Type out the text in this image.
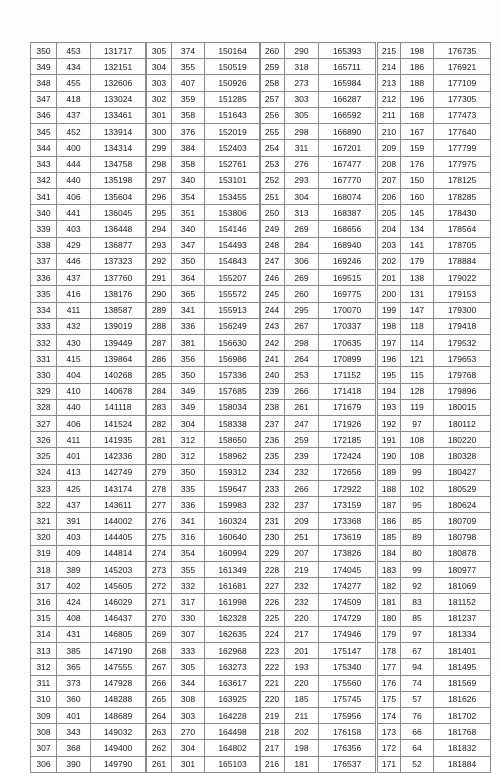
350	453	131717
349	434	132151
348	455	132606
347	418	133024
346	437	133461
345	452	133914
344	400	134314
343	444	134758
342	440	135198
341	406	135604
340	441	136045
339	403	136448
338	429	136877
337	446	137323
336	437	137760
335	416	138176
334	411	138587
333	432	139019
332	430	139449
331	415	139864
330	404	140268
329	410	140678
328	440	141118
327	406	141524
326	411	141935
325	401	142336
324	413	142749
323	425	143174
322	437	143611
321	391	144002
320	403	144405
319	409	144814
318	389	145203
317	402	145605
316	424	146029
315	408	146437
314	431	146805
313	385	147190
312	365	147555
311	373	147928
310	360	148288
309	401	148689
308	343	149032
307	368	149400
306	390	149790
305	374	150164
304	355	150519
303	407	150926
302	359	151285
301	358	151643
300	376	152019
299	384	152403
298	358	152761
297	340	153101
296	354	153455
295	351	153806
294	340	154146
293	347	154493
292	350	154843
291	364	155207
290	365	155572
289	341	155913
288	336	156249
287	381	156630
286	356	156986
285	350	157336
284	349	157685
283	349	158034
282	304	158338
281	312	158650
280	312	158962
279	350	159312
278	335	159647
277	336	159983
276	341	160324
275	316	160640
274	354	160994
273	355	161349
272	332	161681
271	317	161998
270	330	162328
269	307	162635
268	333	162968
267	305	163273
266	344	163617
265	308	163925
264	303	164228
263	270	164498
262	304	164802
261	301	165103
260	290	165393
259	318	165711
258	273	165984
257	303	166287
256	305	166592
255	298	166890
254	311	167201
253	276	167477
252	293	167770
251	304	168074
250	313	168387
249	269	168656
248	284	168940
247	306	169246
246	269	169515
245	260	169775
244	295	170070
243	267	170337
242	298	170635
241	264	170899
240	253	171152
239	266	171418
238	261	171679
237	247	171926
236	259	172185
235	239	172424
234	232	172656
233	266	172922
232	237	173159
231	209	173368
230	251	173619
229	207	173826
228	219	174045
227	232	174277
226	232	174509
225	220	174729
224	217	174946
223	201	175147
222	193	175340
221	220	175560
220	185	175745
219	211	175956
218	202	176158
217	198	176356
216	181	176537
215	198	176735
214	186	176921
213	188	177109
212	196	177305
211	168	177473
210	167	177640
209	159	177799
208	176	177975
207	150	178125
206	160	178285
205	145	178430
204	134	178564
203	141	178705
202	179	178884
201	138	179022
200	131	179153
199	147	179300
198	118	179418
197	114	179532
196	121	179653
195	115	179768
194	128	179896
193	119	180015
192	97	180112
191	108	180220
190	108	180328
189	99	180427
188	102	180529
187	95	180624
186	85	180709
185	89	180798
184	80	180878
183	99	180977
182	92	181069
181	83	181152
180	85	181237
179	97	181334
178	67	181401
177	94	181495
176	74	181569
175	57	181626
174	76	181702
173	66	181768
172	64	181832
171	52	181884
